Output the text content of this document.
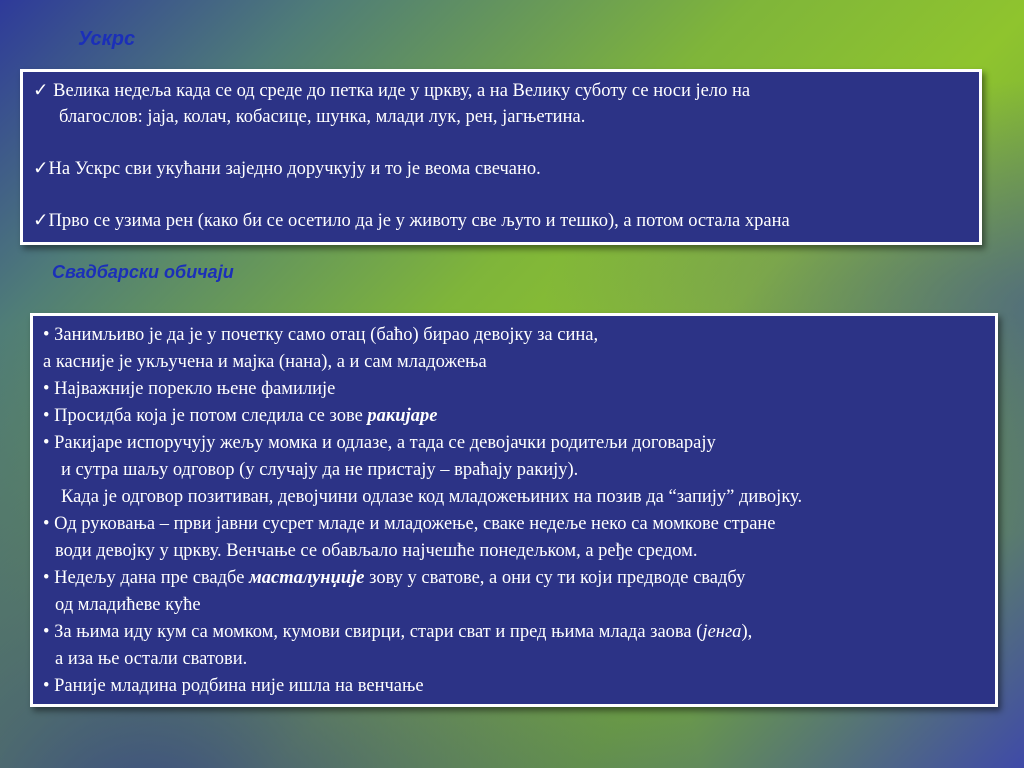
Ускрс
✓ Велика недеља када се од среде до петка иде у цркву, а на Велику суботу се носи јело на
благослов: јаја, колач, кобасице, шунка, млади лук, рен, јагњетина.
✓На Ускрс сви укућани заједно доручкују и то је веома свечано.
✓Прво се узима рен (како би се осетило да је у животу све љуто и тешко), а потом остала храна
Свадбарски обичаји
• Занимљиво је да је у почетку само отац (баћо) бирао девојку за сина,
а касније је укључена и мајка (нана), а и сам младожења
• Најважније порекло њене фамилије
• Просидба која је потом следила се зове ракијаре
• Ракијаре испоручују жељу момка и одлазе, а тада се девојачки родитељи договарају
и сутра шаљу одговор (у случају да не пристају – враћају ракију).
Када је одговор позитиван, девојчини одлазе код младожењиних на позив да “запију” дивојку.
• Од руковања – први јавни сусрет младе и младожење, сваке недеље неко са момкове стране
води девојку у цркву. Венчање се обављало најчешће понедељком, а ређе средом.
• Недељу дана пре свадбе масталунџије зову у сватове, а они су ти који предводе свадбу
од младићеве куће
• За њима иду кум са момком, кумови свирци, стари сват и пред њима млада заова (јенга),
а иза ње остали сватови.
• Раније младина родбина није ишла на венчање
